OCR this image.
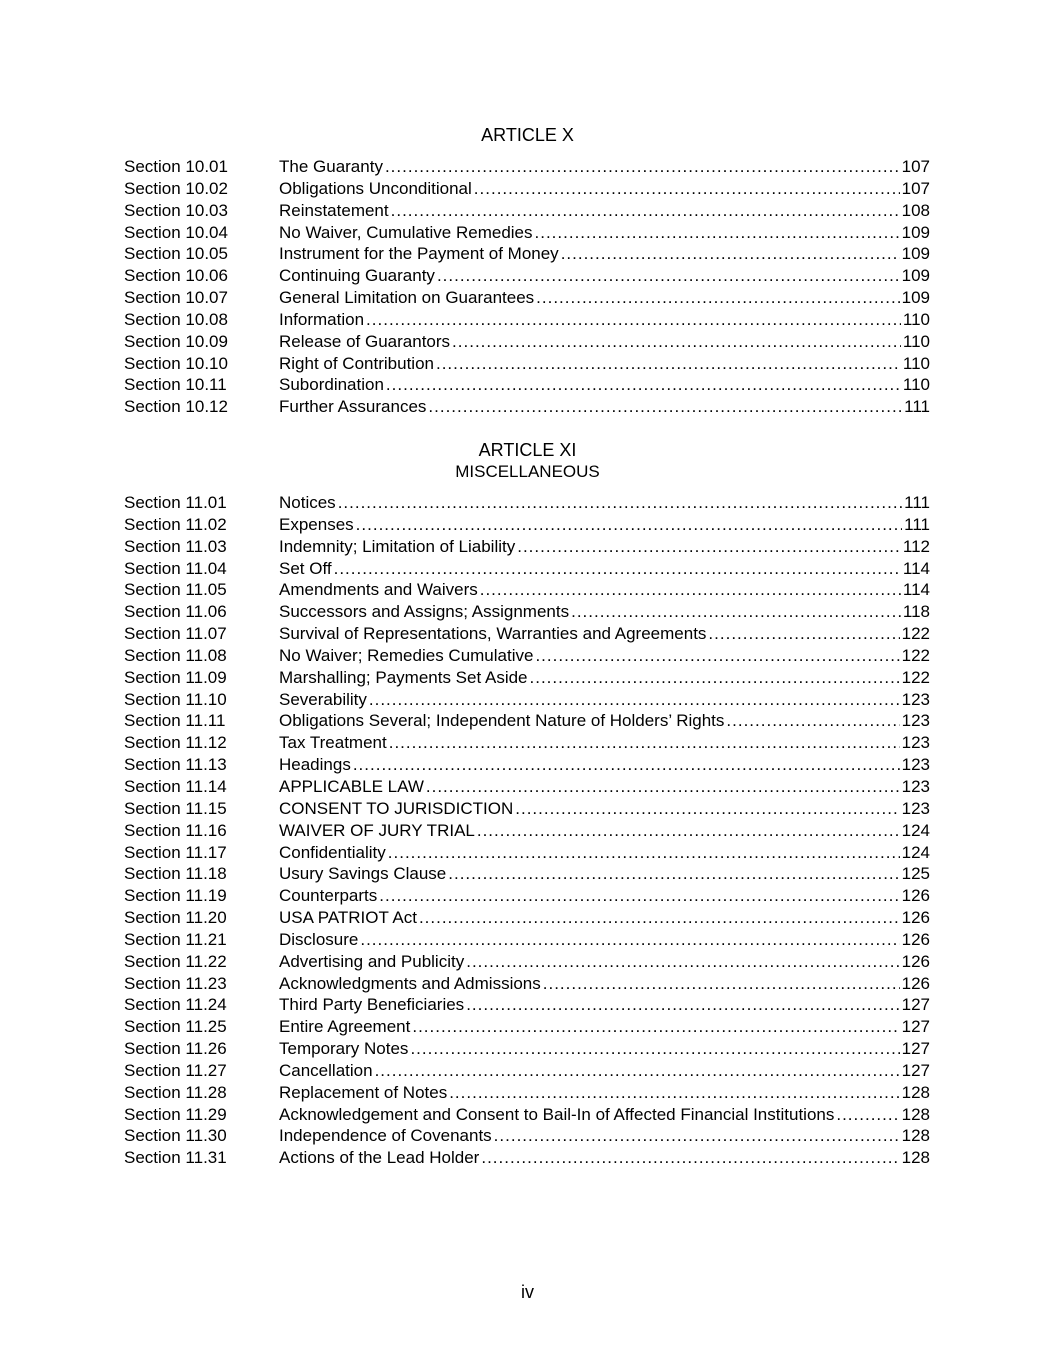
ARTICLE X
Section 10.01	The Guaranty .....	107
Section 10.02	Obligations Unconditional .....	107
Section 10.03	Reinstatement .....	108
Section 10.04	No Waiver, Cumulative Remedies .....	109
Section 10.05	Instrument for the Payment of Money .....	109
Section 10.06	Continuing Guaranty .....	109
Section 10.07	General Limitation on Guarantees .....	109
Section 10.08	Information .....	110
Section 10.09	Release of Guarantors .....	110
Section 10.10	Right of Contribution .....	110
Section 10.11	Subordination .....	110
Section 10.12	Further Assurances .....	111
ARTICLE XI
MISCELLANEOUS
Section 11.01	Notices .....	111
Section 11.02	Expenses .....	111
Section 11.03	Indemnity; Limitation of Liability .....	112
Section 11.04	Set Off .....	114
Section 11.05	Amendments and Waivers .....	114
Section 11.06	Successors and Assigns; Assignments .....	118
Section 11.07	Survival of Representations, Warranties and Agreements .....	122
Section 11.08	No Waiver; Remedies Cumulative .....	122
Section 11.09	Marshalling; Payments Set Aside .....	122
Section 11.10	Severability .....	123
Section 11.11	Obligations Several; Independent Nature of Holders’ Rights .....	123
Section 11.12	Tax Treatment .....	123
Section 11.13	Headings .....	123
Section 11.14	APPLICABLE LAW .....	123
Section 11.15	CONSENT TO JURISDICTION .....	123
Section 11.16	WAIVER OF JURY TRIAL .....	124
Section 11.17	Confidentiality .....	124
Section 11.18	Usury Savings Clause .....	125
Section 11.19	Counterparts .....	126
Section 11.20	USA PATRIOT Act .....	126
Section 11.21	Disclosure .....	126
Section 11.22	Advertising and Publicity .....	126
Section 11.23	Acknowledgments and Admissions .....	126
Section 11.24	Third Party Beneficiaries .....	127
Section 11.25	Entire Agreement .....	127
Section 11.26	Temporary Notes .....	127
Section 11.27	Cancellation .....	127
Section 11.28	Replacement of Notes .....	128
Section 11.29	Acknowledgement and Consent to Bail-In of Affected Financial Institutions .....	128
Section 11.30	Independence of Covenants .....	128
Section 11.31	Actions of the Lead Holder .....	128
iv
